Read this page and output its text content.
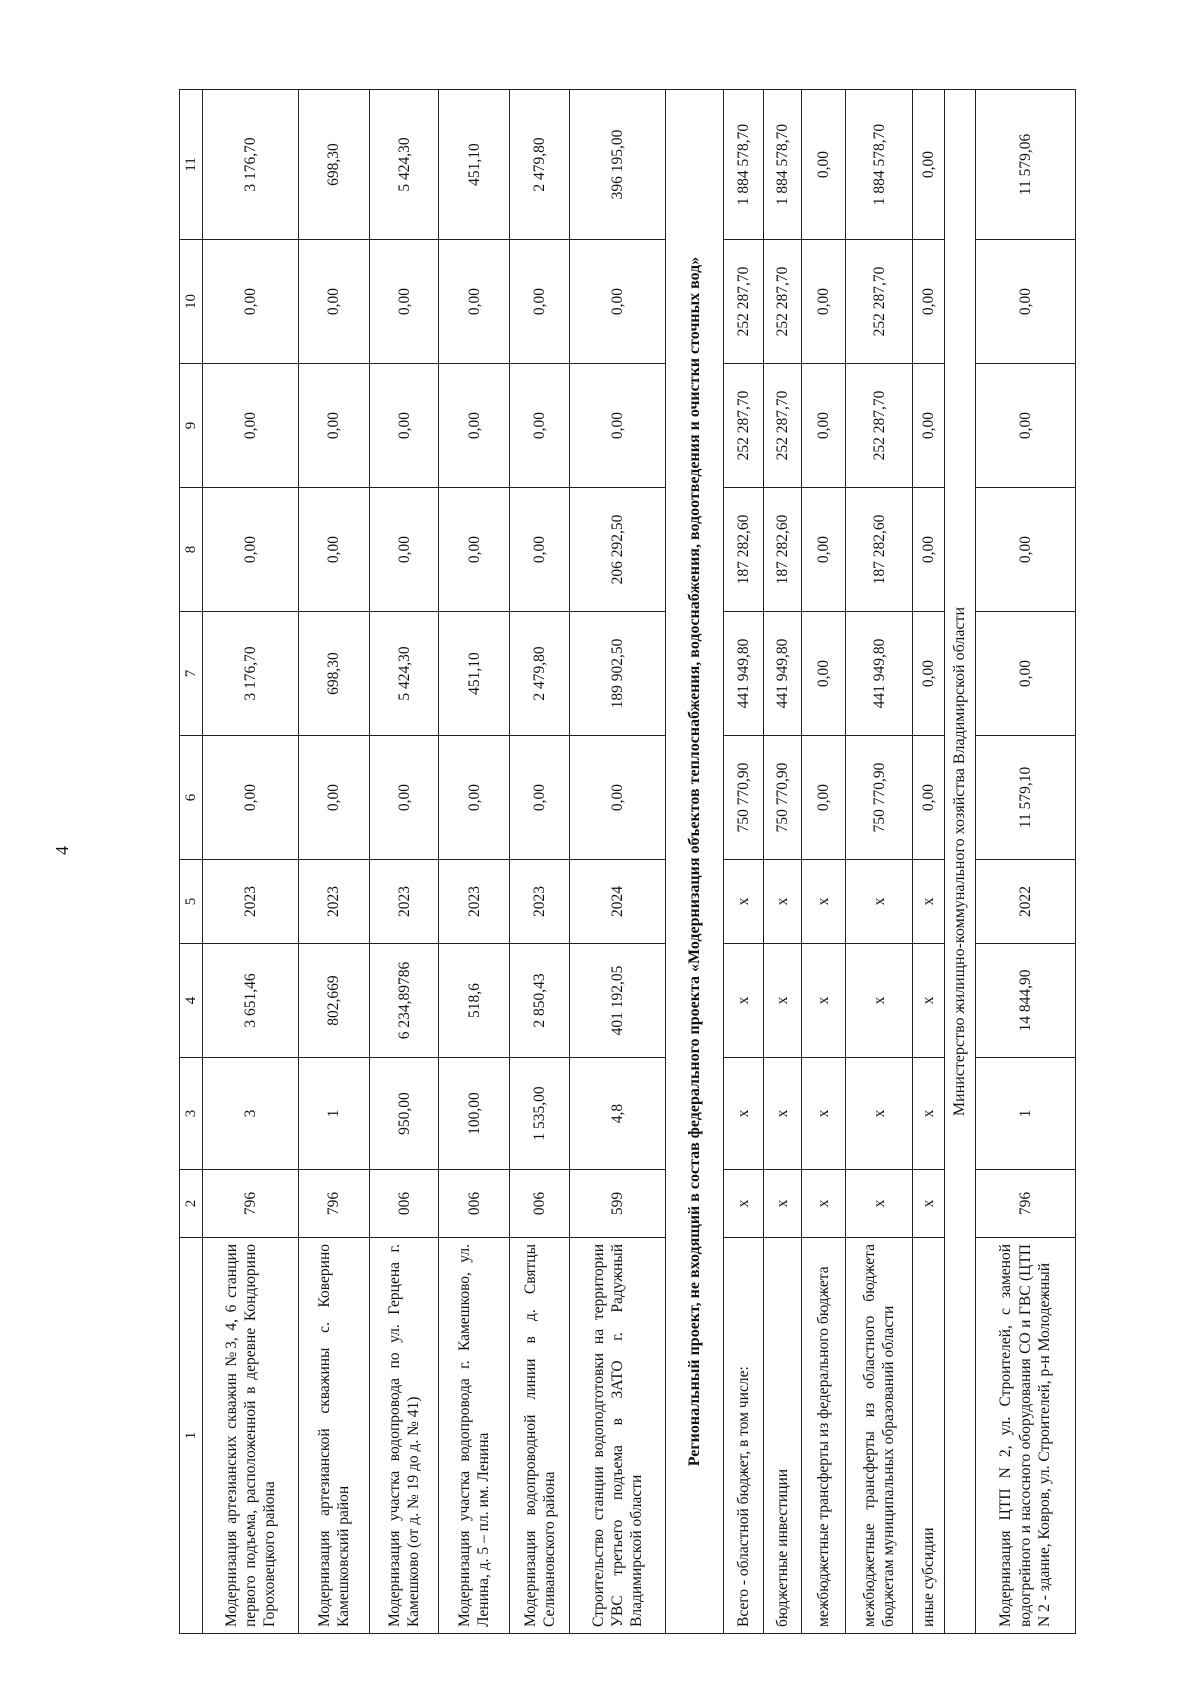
4
1	2	3	4	5	6	7	8	9	10	11
Модернизация артезианских скважин №3, 4, 6 станции первого подъема, расположенной в деревне Кондюрино Гороховецкого района	796	3	3 651,46	2023	0,00	3 176,70	0,00	0,00	0,00	3 176,70
Модернизация артезианской скважины с. Коверино Камешковский район	796	1	802,669	2023	0,00	698,30	0,00	0,00	0,00	698,30
Модернизация участка водопровода по ул. Герцена г. Камешково (от д. № 19 до д. № 41)	006	950,00	6 234,89786	2023	0,00	5 424,30	0,00	0,00	0,00	5 424,30
Модернизация участка водопровода г. Камешково, ул. Ленина, д. 5 – пл. им. Ленина	006	100,00	518,6	2023	0,00	451,10	0,00	0,00	0,00	451,10
Модернизация водопроводной линии в д. Святцы Селивановского района	006	1 535,00	2 850,43	2023	0,00	2 479,80	0,00	0,00	0,00	2 479,80
Строительство станции водоподготовки на территории УВС третьего подъема в ЗАТО г. Радужный Владимирской области	599	4,8	401 192,05	2024	0,00	189 902,50	206 292,50	0,00	0,00	396 195,00
Региональный проект, не входящий в состав федерального проекта «Модернизация объектов теплоснабжения, водоснабжения, водоотведения и очистки сточных вод»										
Всего - областной бюджет, в том числе:	x	x	x	x	750 770,90	441 949,80	187 282,60	252 287,70	252 287,70	1 884 578,70
бюджетные инвестиции	x	x	x	x	750 770,90	441 949,80	187 282,60	252 287,70	252 287,70	1 884 578,70
межбюджетные трансферты из федерального бюджета	x	x	x	x	0,00	0,00	0,00	0,00	0,00	0,00
межбюджетные трансферты из областного бюджета бюджетам муниципальных образований области	x	x	x	x	750 770,90	441 949,80	187 282,60	252 287,70	252 287,70	1 884 578,70
иные субсидии	x	x	x	x	0,00	0,00	0,00	0,00	0,00	0,00
Министерство жилищно-коммунального хозяйства Владимирской области										
Модернизация ЦТП N 2, ул. Строителей, с заменой водогрейного и насосного оборудования СО и ГВС (ЦТП N 2 - здание, Ковров, ул. Строителей, р-н Молодежный	796	1	14 844,90	2022	11 579,10	0,00	0,00	0,00	0,00	11 579,06
